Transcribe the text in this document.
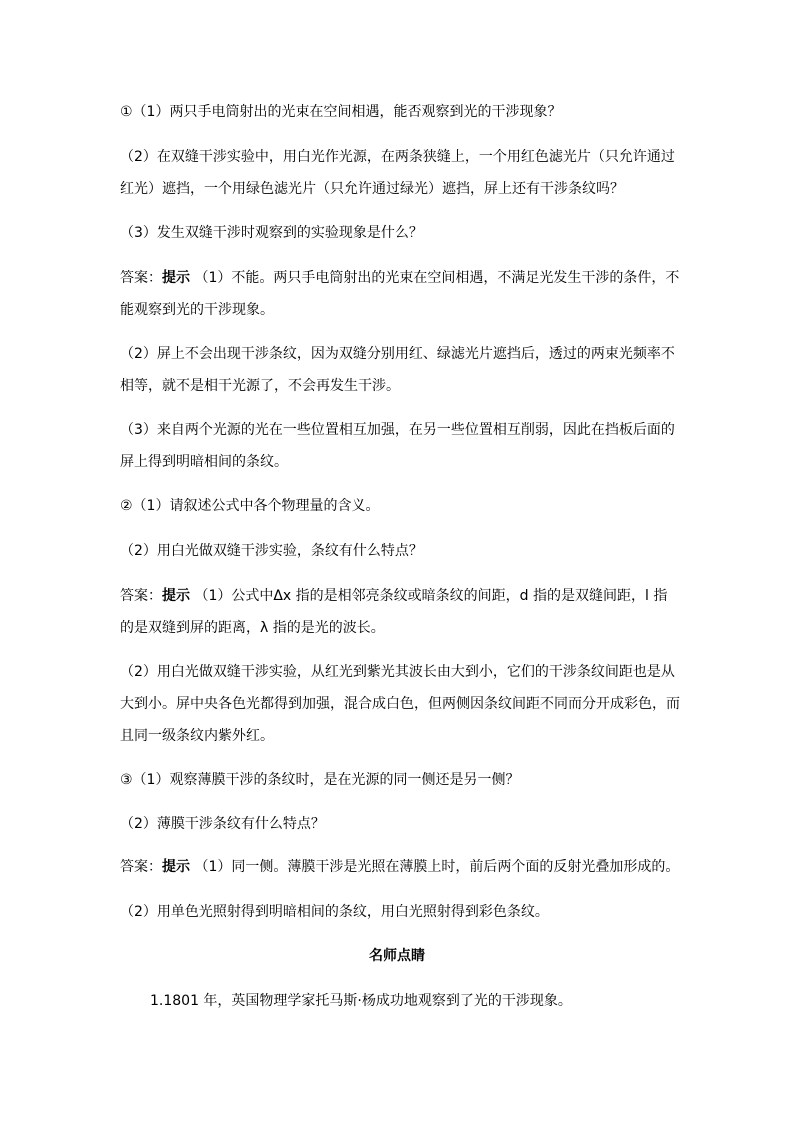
①（1）两只手电筒射出的光束在空间相遇，能否观察到光的干涉现象？

（2）在双缝干涉实验中，用白光作光源，在两条狭缝上，一个用红色滤光片（只允许通过红光）遮挡，一个用绿色滤光片（只允许通过绿光）遮挡，屏上还有干涉条纹吗？

（3）发生双缝干涉时观察到的实验现象是什么？

答案：提示 （1）不能。两只手电筒射出的光束在空间相遇，不满足光发生干涉的条件，不能观察到光的干涉现象。

（2）屏上不会出现干涉条纹，因为双缝分别用红、绿滤光片遮挡后，透过的两束光频率不相等，就不是相干光源了，不会再发生干涉。

（3）来自两个光源的光在一些位置相互加强，在另一些位置相互削弱，因此在挡板后面的屏上得到明暗相间的条纹。

②（1）请叙述公式中各个物理量的含义。

（2）用白光做双缝干涉实验，条纹有什么特点？

答案：提示 （1）公式中Δx 指的是相邻亮条纹或暗条纹的间距，d 指的是双缝间距，l 指的是双缝到屏的距离，λ 指的是光的波长。

（2）用白光做双缝干涉实验，从红光到紫光其波长由大到小，它们的干涉条纹间距也是从大到小。屏中央各色光都得到加强，混合成白色，但两侧因条纹间距不同而分开成彩色，而且同一级条纹内紫外红。

③（1）观察薄膜干涉的条纹时，是在光源的同一侧还是另一侧？

（2）薄膜干涉条纹有什么特点？

答案：提示 （1）同一侧。薄膜干涉是光照在薄膜上时，前后两个面的反射光叠加形成的。

（2）用单色光照射得到明暗相间的条纹，用白光照射得到彩色条纹。

名师点睛

1.1801 年，英国物理学家托马斯·杨成功地观察到了光的干涉现象。
